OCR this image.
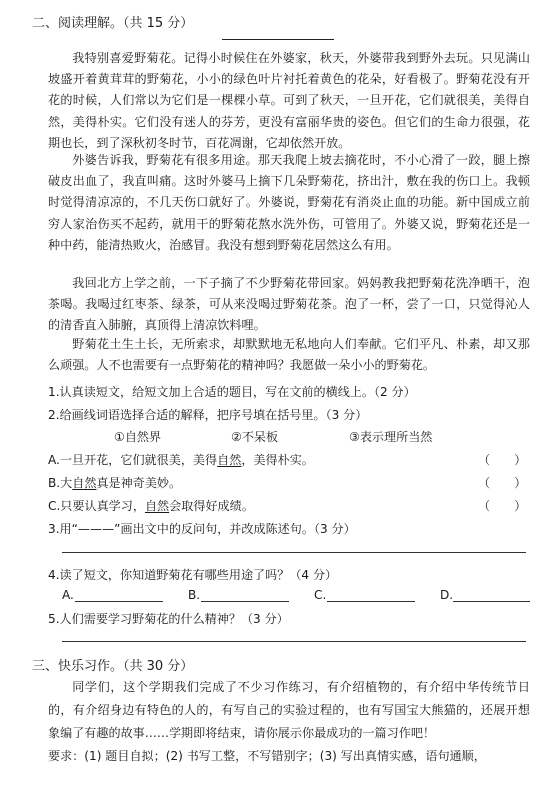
二、阅读理解。（共 15 分）
我特别喜爱野菊花。记得小时候住在外婆家，秋天，外婆带我到野外去玩。只见满山坡盛开着黄茸茸的野菊花，小小的绿色叶片衬托着黄色的花朵，好看极了。野菊花没有开花的时候，人们常以为它们是一棵棵小草。可到了秋天，一旦开花，它们就很美，美得自然，美得朴实。它们没有迷人的芬芳，更没有富丽华贵的姿色。但它们的生命力很强，花期也长，到了深秋初冬时节，百花凋谢，它却依然开放。
外婆告诉我，野菊花有很多用途。那天我爬上坡去摘花时，不小心滑了一跤，腿上擦破皮出血了，我直叫痛。这时外婆马上摘下几朵野菊花，挤出汁，敷在我的伤口上。我顿时觉得清凉凉的，不几天伤口就好了。外婆说，野菊花有消炎止血的功能。新中国成立前穷人家治伤买不起药，就用干的野菊花熬水洗外伤，可管用了。外婆又说，野菊花还是一种中药，能清热败火，治感冒。我没有想到野菊花居然这么有用。
我回北方上学之前，一下子摘了不少野菊花带回家。妈妈教我把野菊花洗净晒干，泡茶喝。我喝过红枣茶、绿茶，可从来没喝过野菊花茶。泡了一杯，尝了一口，只觉得沁人的清香直入肺腑，真顶得上清凉饮料哩。
野菊花土生土长，无所索求，却默默地无私地向人们奉献。它们平凡、朴素，却又那么顽强。人不也需要有一点野菊花的精神吗？我愿做一朵小小的野菊花。
1.认真读短文，给短文加上合适的题目，写在文前的横线上。（2 分）
2.给画线词语选择合适的解释，把序号填在括号里。（3 分）
①自然界	②不呆板	③表示理所当然
A.一旦开花，它们就很美，美得自然，美得朴实。	（　　）
B.大自然真是神奇美妙。	（　　）
C.只要认真学习，自然会取得好成绩。	（　　）
3.用“———”画出文中的反问句，并改成陈述句。（3 分）
4.读了短文，你知道野菊花有哪些用途了吗？（4 分）
A.	B.	C.	D.
5.人们需要学习野菊花的什么精神？（3 分）
三、快乐习作。（共 30 分）
同学们，这个学期我们完成了不少习作练习，有介绍植物的，有介绍中华传统节日的，有介绍身边有特色的人的，有写自己的实验过程的，也有写国宝大熊猫的，还展开想象编了有趣的故事……学期即将结束，请你展示你最成功的一篇习作吧！
要求：(1) 题目自拟；(2) 书写工整，不写错别字；(3) 写出真情实感，语句通顺，
